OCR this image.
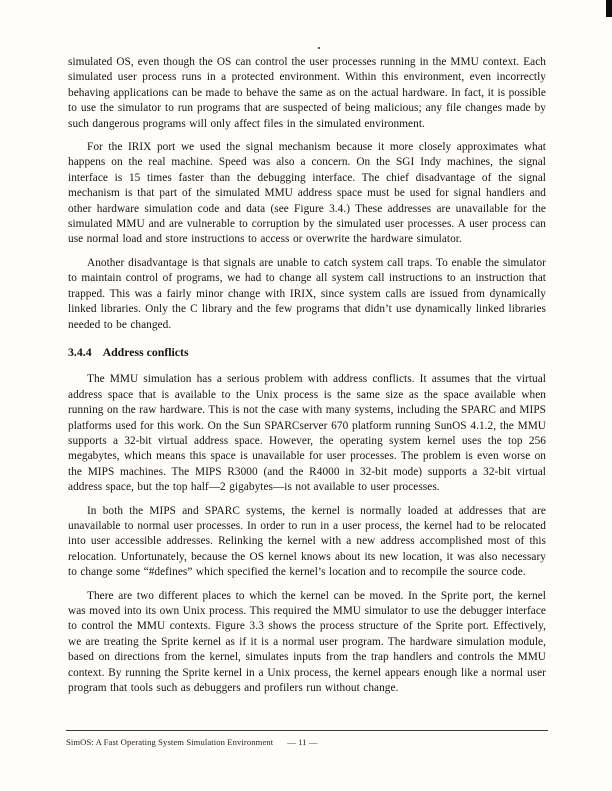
simulated OS, even though the OS can control the user processes running in the MMU context. Each simulated user process runs in a protected environment. Within this environment, even incorrectly behaving applications can be made to behave the same as on the actual hardware. In fact, it is possible to use the simulator to run programs that are suspected of being malicious; any file changes made by such dangerous programs will only affect files in the simulated environment.

For the IRIX port we used the signal mechanism because it more closely approximates what happens on the real machine. Speed was also a concern. On the SGI Indy machines, the signal interface is 15 times faster than the debugging interface. The chief disadvantage of the signal mechanism is that part of the simulated MMU address space must be used for signal handlers and other hardware simulation code and data (see Figure 3.4.) These addresses are unavailable for the simulated MMU and are vulnerable to corruption by the simulated user processes. A user process can use normal load and store instructions to access or overwrite the hardware simulator.

Another disadvantage is that signals are unable to catch system call traps. To enable the simulator to maintain control of programs, we had to change all system call instructions to an instruction that trapped. This was a fairly minor change with IRIX, since system calls are issued from dynamically linked libraries. Only the C library and the few programs that didn’t use dynamically linked libraries needed to be changed.

3.4.4 Address conflicts

The MMU simulation has a serious problem with address conflicts. It assumes that the virtual address space that is available to the Unix process is the same size as the space available when running on the raw hardware. This is not the case with many systems, including the SPARC and MIPS platforms used for this work. On the Sun SPARCserver 670 platform running SunOS 4.1.2, the MMU supports a 32-bit virtual address space. However, the operating system kernel uses the top 256 megabytes, which means this space is unavailable for user processes. The problem is even worse on the MIPS machines. The MIPS R3000 (and the R4000 in 32-bit mode) supports a 32-bit virtual address space, but the top half—2 gigabytes—is not available to user processes.

In both the MIPS and SPARC systems, the kernel is normally loaded at addresses that are unavailable to normal user processes. In order to run in a user process, the kernel had to be relocated into user accessible addresses. Relinking the kernel with a new address accomplished most of this relocation. Unfortunately, because the OS kernel knows about its new location, it was also necessary to change some “#defines” which specified the kernel’s location and to recompile the source code.

There are two different places to which the kernel can be moved. In the Sprite port, the kernel was moved into its own Unix process. This required the MMU simulator to use the debugger interface to control the MMU contexts. Figure 3.3 shows the process structure of the Sprite port. Effectively, we are treating the Sprite kernel as if it is a normal user program. The hardware simulation module, based on directions from the kernel, simulates inputs from the trap handlers and controls the MMU context. By running the Sprite kernel in a Unix process, the kernel appears enough like a normal user program that tools such as debuggers and profilers run without change.

SimOS: A Fast Operating System Simulation Environment — 11 —
